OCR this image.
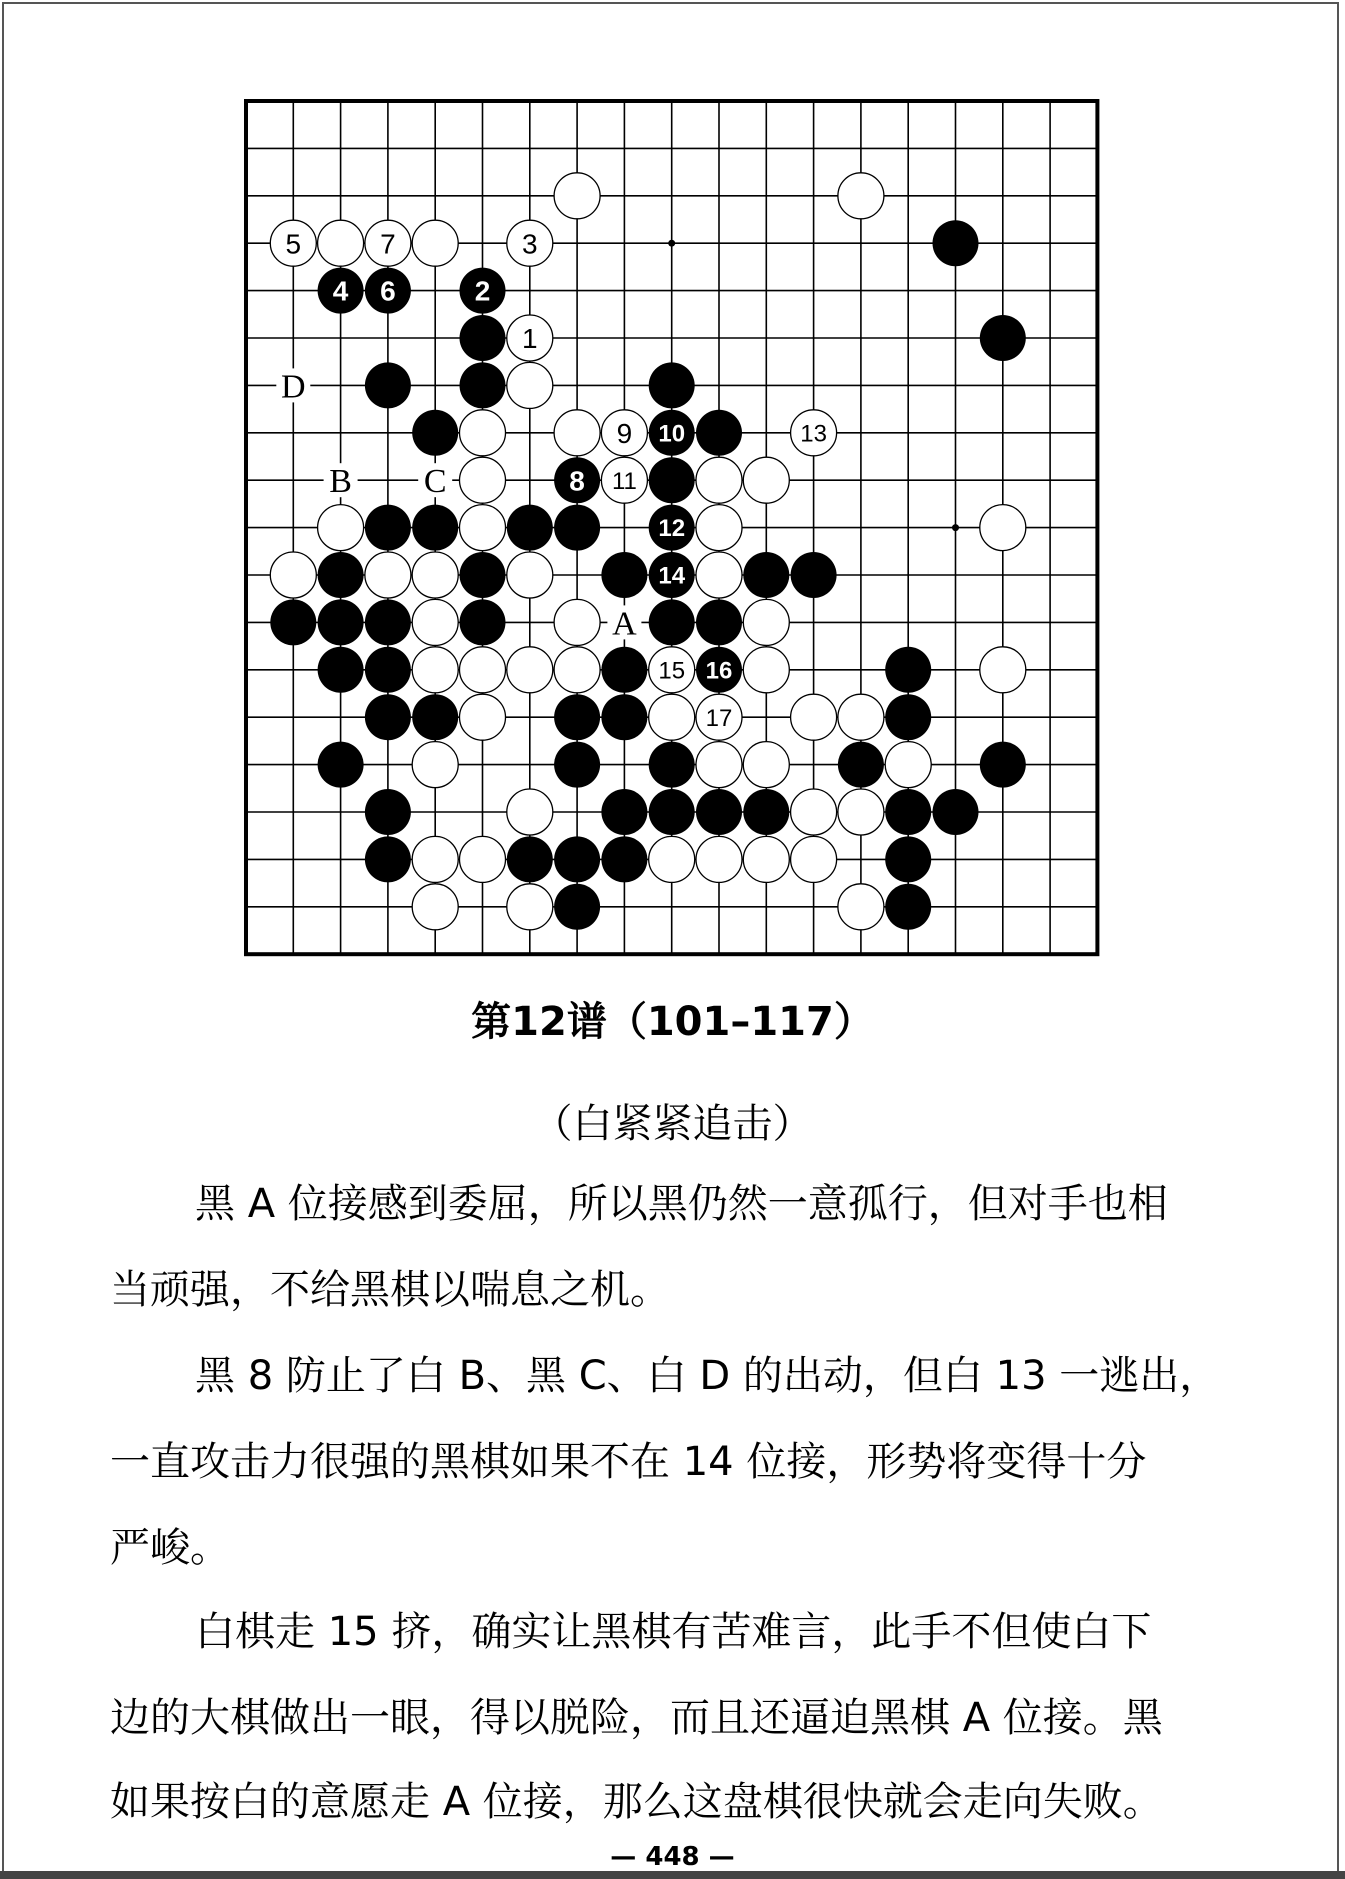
D
B C
A
5	7	3
4 6	2
1
9 10	13
8 11
12
14
15 16
17
第12谱（101–117）
（白紧紧追击）
黑 A 位接感到委屈，所以黑仍然一意孤行，但对手也相
当顽强，不给黑棋以喘息之机。
黑 8 防止了白 B、黑 C、白 D 的出动，但白 13 一逃出，
一直攻击力很强的黑棋如果不在 14 位接，形势将变得十分
严峻。
白棋走 15 挤，确实让黑棋有苦难言，此手不但使白下
边的大棋做出一眼，得以脱险，而且还逼迫黑棋 A 位接。黑
如果按白的意愿走 A 位接，那么这盘棋很快就会走向失败。
— 448 —
